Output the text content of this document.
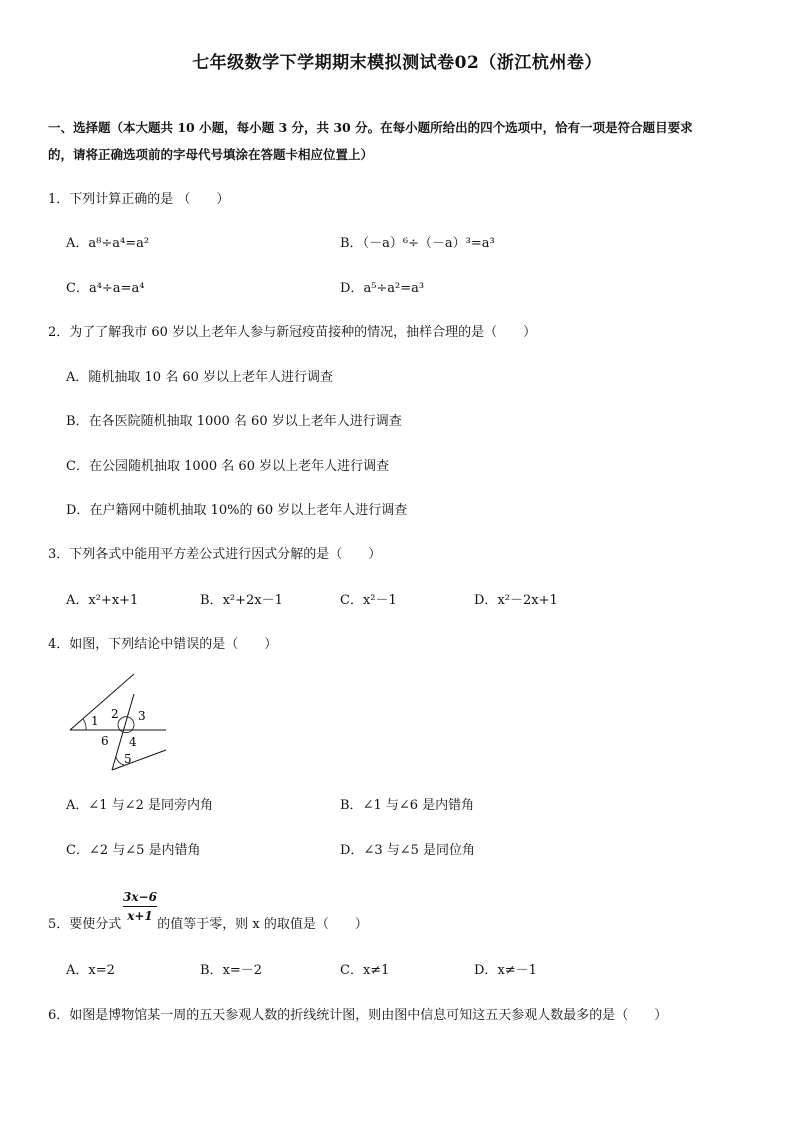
七年级数学下学期期末模拟测试卷02（浙江杭州卷）
一、选择题（本大题共 10 小题，每小题 3 分，共 30 分。在每小题所给出的四个选项中，恰有一项是符合题目要求
的，请将正确选项前的字母代号填涂在答题卡相应位置上）
1．下列计算正确的是 （　　）
A．a⁸÷a⁴=a²	B．（－a）⁶÷（－a）³=a³
C．a⁴÷a=a⁴	D．a⁵÷a²=a³
2．为了了解我市 60 岁以上老年人参与新冠疫苗接种的情况，抽样合理的是（　　）
A．随机抽取 10 名 60 岁以上老年人进行调查
B．在各医院随机抽取 1000 名 60 岁以上老年人进行调查
C．在公园随机抽取 1000 名 60 岁以上老年人进行调查
D．在户籍网中随机抽取 10%的 60 岁以上老年人进行调查
3．下列各式中能用平方差公式进行因式分解的是（　　）
A．x²+x+1	B．x²+2x－1	C．x²－1	D．x²－2x+1
4．如图，下列结论中错误的是（　　）
1 2 3
4
5
6
A．∠1 与∠2 是同旁内角	B．∠1 与∠6 是内错角
C．∠2 与∠5 是内错角	D．∠3 与∠5 是同位角
5．要使分式	的值等于零，则 x 的取值是（　　）
$\frac{3x-6}{x+1}$
A．x=2	B．x=－2	C．x≠1	D．x≠－1
6．如图是博物馆某一周的五天参观人数的折线统计图，则由图中信息可知这五天参观人数最多的是（　　）
